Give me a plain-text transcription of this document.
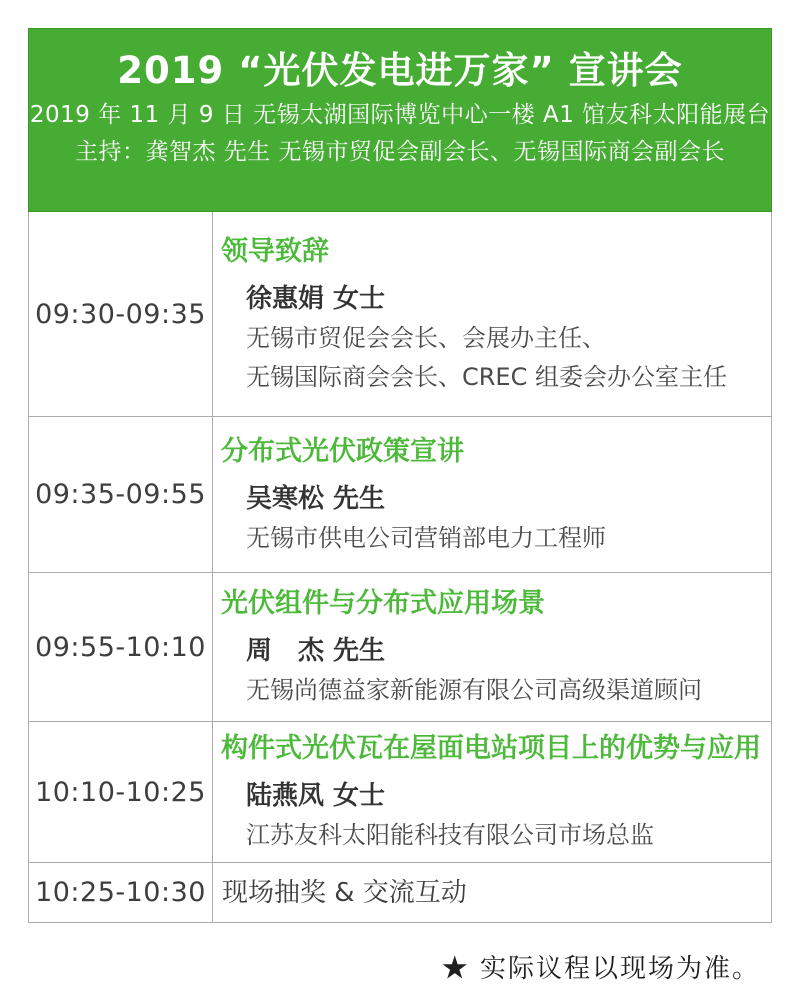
2019 “光伏发电进万家” 宣讲会
2019 年 11 月 9 日 无锡太湖国际博览中心一楼 A1 馆友科太阳能展台
主持：龚智杰 先生 无锡市贸促会副会长、无锡国际商会副会长
09:30-09:35
领导致辞
徐惠娟 女士
无锡市贸促会会长、会展办主任、
无锡国际商会会长、CREC 组委会办公室主任
09:35-09:55
分布式光伏政策宣讲
吴寒松 先生
无锡市供电公司营销部电力工程师
09:55-10:10
光伏组件与分布式应用场景
周　杰 先生
无锡尚德益家新能源有限公司高级渠道顾问
10:10-10:25
构件式光伏瓦在屋面电站项目上的优势与应用
陆燕凤 女士
江苏友科太阳能科技有限公司市场总监
10:25-10:30 现场抽奖 & 交流互动
★ 实际议程以现场为准。
